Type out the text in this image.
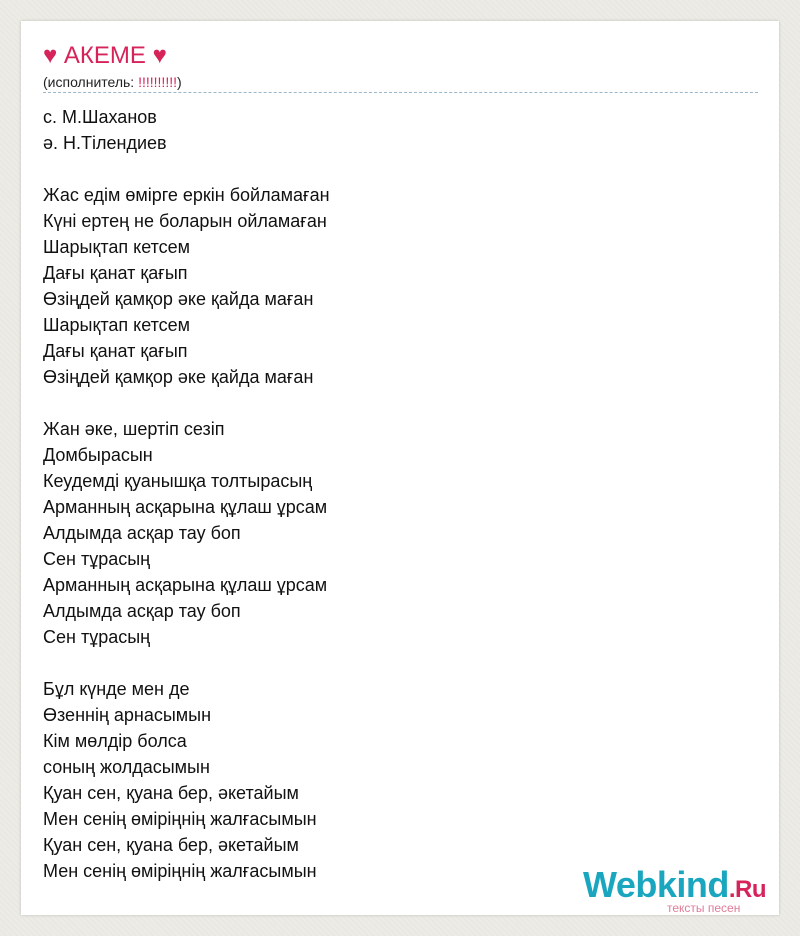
♥ АКЕМЕ ♥
(исполнитель: !!!!!!!!!!)
с. М.Шаханов
ә. Н.Тілендиев

Жас едім өмірге еркін бойламаған
Күні ертең не боларын ойламаған
Шарықтап кетсем
Дағы қанат қағып
Өзіңдей қамқор әке қайда маған
Шарықтап кетсем
Дағы қанат қағып
Өзіңдей қамқор әке қайда маған

Жан әке, шертіп сезіп
Домбырасын
Кеудемді қуанышқа толтырасың
Арманның асқарына құлаш ұрсам
Алдымда асқар тау боп
Сен тұрасың
Арманның асқарына құлаш ұрсам
Алдымда асқар тау боп
Сен тұрасың

Бұл күнде мен де
Өзеннің арнасымын
Кім мөлдір болса
соның жолдасымын
Қуан сен, қуана бер, әкетайым
Мен сенің өміріңнің жалғасымын
Қуан сен, қуана бер, әкетайым
Мен сенің өміріңнің жалғасымын	Webkind.Ru
тексты песен
